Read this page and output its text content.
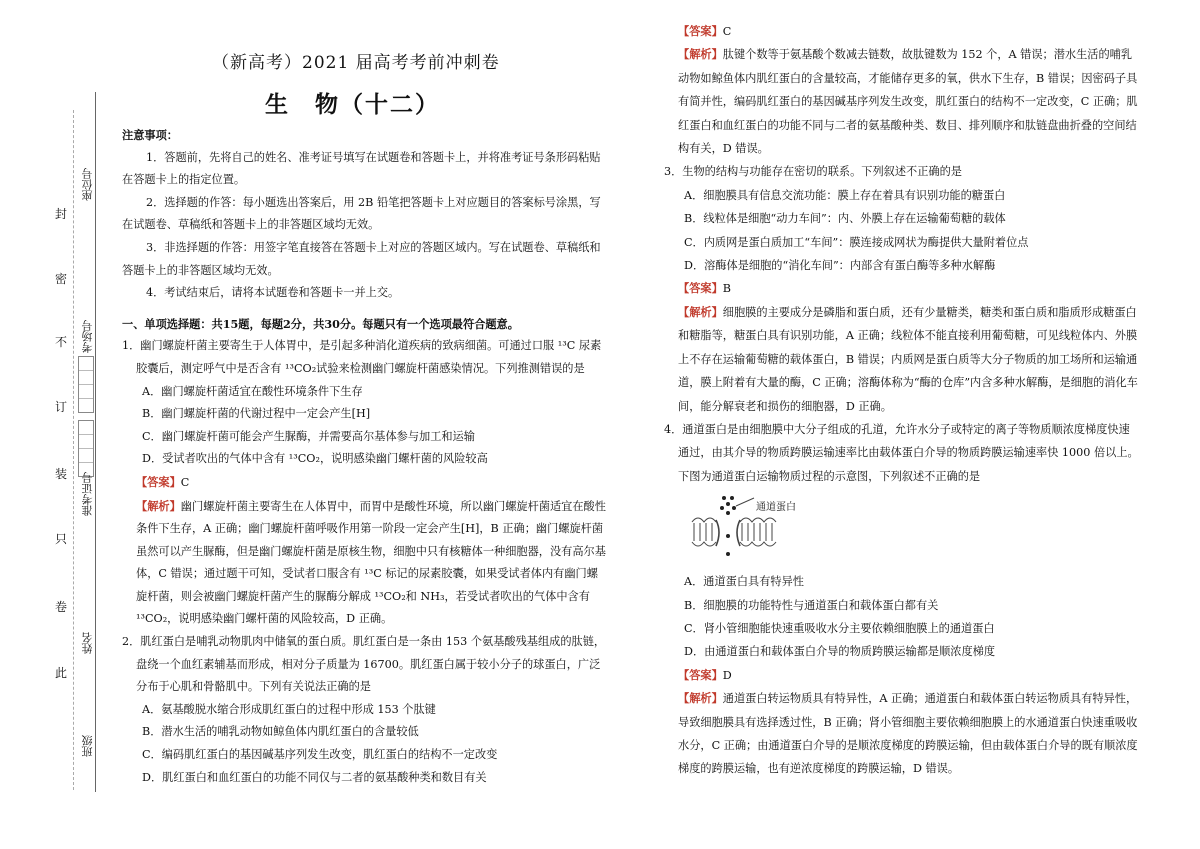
封
密
不
订
装
只
卷
此
座位号
考场号
准考证号
姓名
班级
（新高考）2021 届高考考前冲刺卷
生　物（十二）

注意事项：

1．答题前，先将自己的姓名、准考证号填写在试题卷和答题卡上，并将准考证号条形码粘贴在答题卡上的指定位置。

2．选择题的作答：每小题选出答案后，用 2B 铅笔把答题卡上对应题目的答案标号涂黑，写在试题卷、草稿纸和答题卡上的非答题区域均无效。

3．非选择题的作答：用签字笔直接答在答题卡上对应的答题区域内。写在试题卷、草稿纸和答题卡上的非答题区域均无效。

4．考试结束后，请将本试题卷和答题卡一并上交。

一、单项选择题：共15题，每题2分，共30分。每题只有一个选项最符合题意。

1．幽门螺旋杆菌主要寄生于人体胃中，是引起多种消化道疾病的致病细菌。可通过口服 ¹³C 尿素胶囊后，测定呼气中是否含有 ¹³CO₂试验来检测幽门螺旋杆菌感染情况。下列推测错误的是

A．幽门螺旋杆菌适宜在酸性环境条件下生存

B．幽门螺旋杆菌的代谢过程中一定会产生[H]

C．幽门螺旋杆菌可能会产生脲酶，并需要高尔基体参与加工和运输

D．受试者吹出的气体中含有 ¹³CO₂，说明感染幽门螺杆菌的风险较高

【答案】C

【解析】幽门螺旋杆菌主要寄生在人体胃中，而胃中是酸性环境，所以幽门螺旋杆菌适宜在酸性条件下生存，A 正确；幽门螺旋杆菌呼吸作用第一阶段一定会产生[H]，B 正确；幽门螺旋杆菌虽然可以产生脲酶，但是幽门螺旋杆菌是原核生物，细胞中只有核糖体一种细胞器，没有高尔基体，C 错误；通过题干可知，受试者口服含有 ¹³C 标记的尿素胶囊，如果受试者体内有幽门螺旋杆菌，则会被幽门螺旋杆菌产生的脲酶分解成 ¹³CO₂和 NH₃，若受试者吹出的气体中含有 ¹³CO₂，说明感染幽门螺杆菌的风险较高，D 正确。

2．肌红蛋白是哺乳动物肌肉中储氧的蛋白质。肌红蛋白是一条由 153 个氨基酸残基组成的肽链，盘绕一个血红素辅基而形成，相对分子质量为 16700。肌红蛋白属于较小分子的球蛋白，广泛分布于心肌和骨骼肌中。下列有关说法正确的是

A．氨基酸脱水缩合形成肌红蛋白的过程中形成 153 个肽键

B．潜水生活的哺乳动物如鲸鱼体内肌红蛋白的含量较低

C．编码肌红蛋白的基因碱基序列发生改变，肌红蛋白的结构不一定改变

D．肌红蛋白和血红蛋白的功能不同仅与二者的氨基酸种类和数目有关

【答案】C

【解析】肽键个数等于氨基酸个数减去链数，故肽键数为 152 个，A 错误；潜水生活的哺乳动物如鲸鱼体内肌红蛋白的含量较高，才能储存更多的氧，供水下生存，B 错误；因密码子具有简并性，编码肌红蛋白的基因碱基序列发生改变，肌红蛋白的结构不一定改变，C 正确；肌红蛋白和血红蛋白的功能不同与二者的氨基酸种类、数目、排列顺序和肽链盘曲折叠的空间结构有关，D 错误。

3．生物的结构与功能存在密切的联系。下列叙述不正确的是

A．细胞膜具有信息交流功能：膜上存在着具有识别功能的糖蛋白

B．线粒体是细胞“动力车间”：内、外膜上存在运输葡萄糖的载体

C．内质网是蛋白质加工“车间”：膜连接成网状为酶提供大量附着位点

D．溶酶体是细胞的“消化车间”：内部含有蛋白酶等多种水解酶

【答案】B

【解析】细胞膜的主要成分是磷脂和蛋白质，还有少量糖类，糖类和蛋白质和脂质形成糖蛋白和糖脂等，糖蛋白具有识别功能，A 正确；线粒体不能直接利用葡萄糖，可见线粒体内、外膜上不存在运输葡萄糖的载体蛋白，B 错误；内质网是蛋白质等大分子物质的加工场所和运输通道，膜上附着有大量的酶，C 正确；溶酶体称为“酶的仓库”内含多种水解酶，是细胞的消化车间，能分解衰老和损伤的细胞器，D 正确。

4．通道蛋白是由细胞膜中大分子组成的孔道，允许水分子或特定的离子等物质顺浓度梯度快速通过，由其介导的物质跨膜运输速率比由载体蛋白介导的物质跨膜运输速率快 1000 倍以上。下图为通道蛋白运输物质过程的示意图，下列叙述不正确的是

通道蛋白

A．通道蛋白具有特异性

B．细胞膜的功能特性与通道蛋白和载体蛋白都有关

C．肾小管细胞能快速重吸收水分主要依赖细胞膜上的通道蛋白

D．由通道蛋白和载体蛋白介导的物质跨膜运输都是顺浓度梯度

【答案】D

【解析】通道蛋白转运物质具有特异性，A 正确；通道蛋白和载体蛋白转运物质具有特异性，导致细胞膜具有选择透过性，B 正确；肾小管细胞主要依赖细胞膜上的水通道蛋白快速重吸收水分，C 正确；由通道蛋白介导的是顺浓度梯度的跨膜运输，但由载体蛋白介导的既有顺浓度梯度的跨膜运输，也有逆浓度梯度的跨膜运输，D 错误。
